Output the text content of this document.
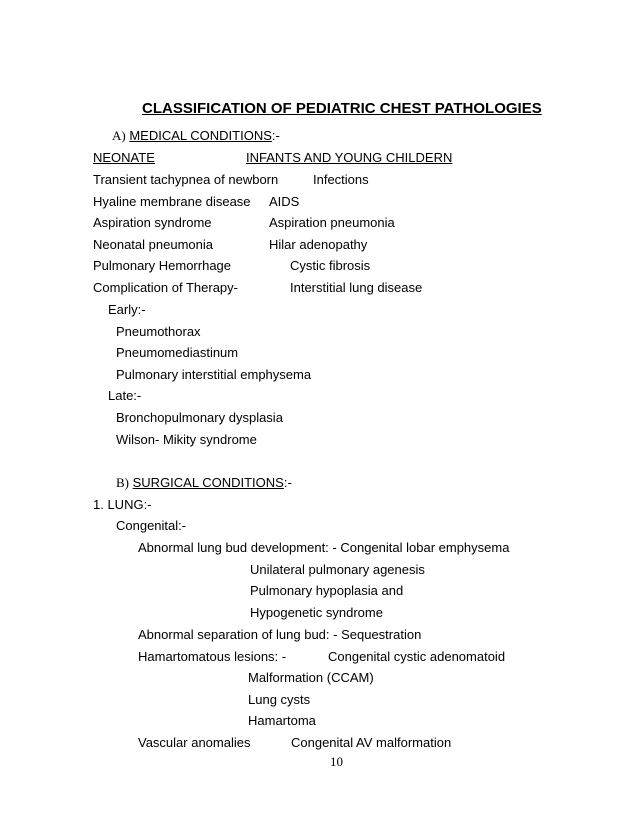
CLASSIFICATION OF PEDIATRIC CHEST PATHOLOGIES
A) MEDICAL CONDITIONS:-
NEONATE	INFANTS AND YOUNG CHILDERN
Transient tachypnea of newborn	Infections
Hyaline membrane disease AIDS
Aspiration syndrome	Aspiration pneumonia
Neonatal pneumonia	Hilar adenopathy
Pulmonary Hemorrhage	Cystic fibrosis
Complication of Therapy-	Interstitial lung disease
Early:-
Pneumothorax
Pneumomediastinum
Pulmonary interstitial emphysema
Late:-
Bronchopulmonary dysplasia
Wilson- Mikity syndrome
B) SURGICAL CONDITIONS:-
1. LUNG:-
Congenital:-
Abnormal lung bud development: - Congenital lobar emphysema
Unilateral pulmonary agenesis
Pulmonary hypoplasia and
Hypogenetic syndrome
Abnormal separation of lung bud: - Sequestration
Hamartomatous lesions: -	Congenital cystic adenomatoid
Malformation (CCAM)
Lung cysts
Hamartoma
Vascular anomalies	Congenital AV malformation
10
